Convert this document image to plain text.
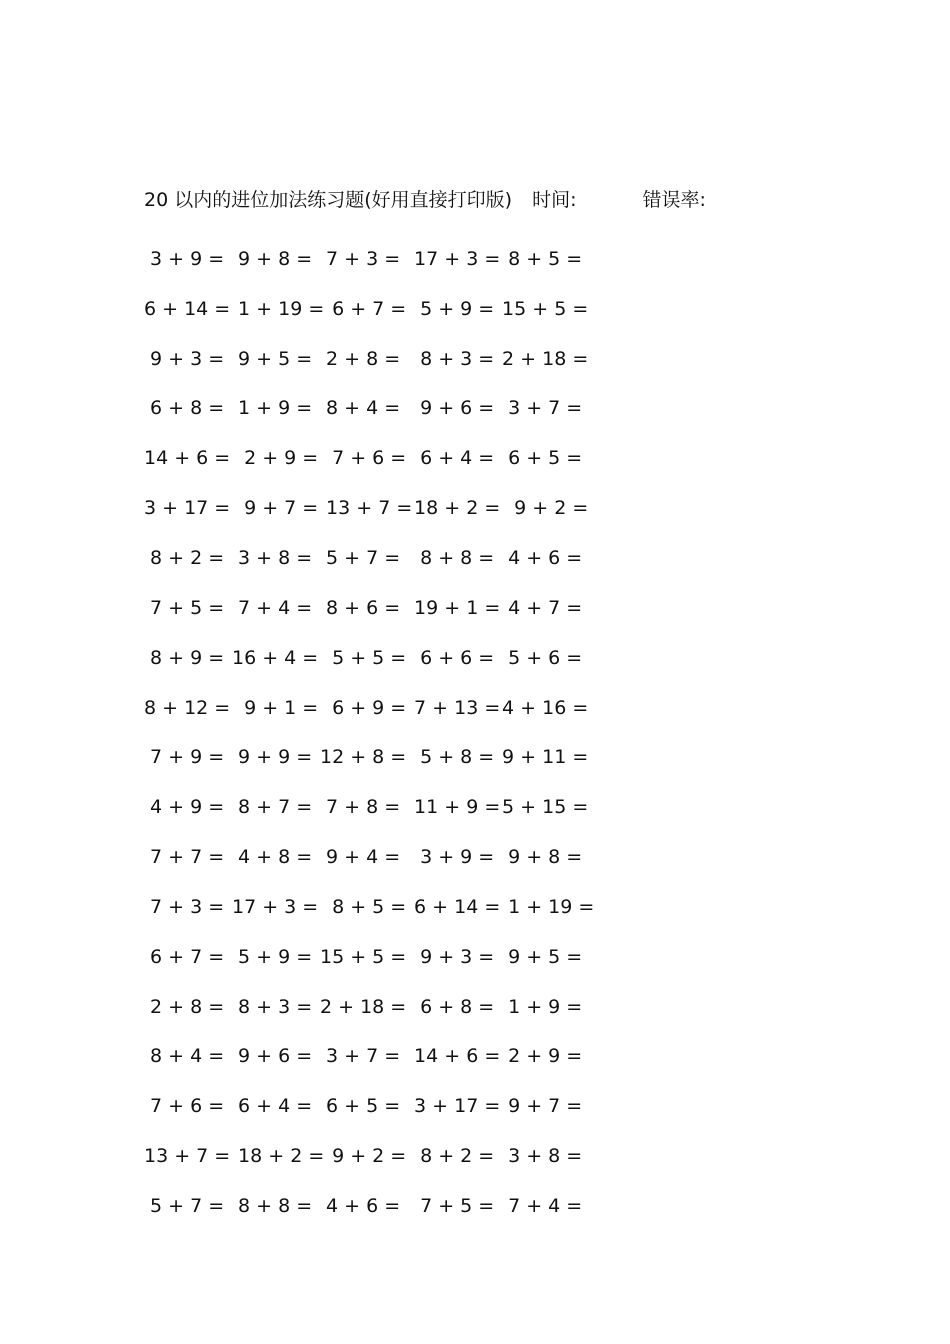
20 以内的进位加法练习题(好用直接打印版) 时间:	错误率:
3 + 9 = 9 + 8 = 7 + 3 = 17 + 3 =
8 + 5 =
6 + 14 = 1 + 19 =
6 + 7 = 5 + 9 = 15 + 5 =
9 + 3 = 9 + 5 = 2 + 8 = 8 + 3 = 2 + 18 =
6 + 8 = 1 + 9 = 8 + 4 = 9 + 6 = 3 + 7 =
14 + 6 = 2 + 9 = 7 + 6 = 6 + 4 = 6 + 5 =
3 + 17 = 9 + 7 = 13 + 7 =
18 + 2 =
9 + 2 =
8 + 2 = 3 + 8 = 5 + 7 = 8 + 8 = 4 + 6 =
7 + 5 = 7 + 4 = 8 + 6 = 19 + 1 =
4 + 7 =
8 + 9 = 16 + 4 = 5 + 5 = 6 + 6 = 5 + 6 =
8 + 12 = 9 + 1 = 6 + 9 = 7 + 13 =
4 + 16 =
7 + 9 = 9 + 9 = 12 + 8 = 5 + 8 = 9 + 11 =
4 + 9 = 8 + 7 = 7 + 8 = 11 + 9 =
5 + 15 =
7 + 7 = 4 + 8 = 9 + 4 = 3 + 9 = 9 + 8 =
7 + 3 = 17 + 3 = 8 + 5 = 6 + 14 =
1 + 19 =
6 + 7 = 5 + 9 = 15 + 5 = 9 + 3 = 9 + 5 =
2 + 8 = 8 + 3 = 2 + 18 = 6 + 8 = 1 + 9 =
8 + 4 = 9 + 6 = 3 + 7 = 14 + 6 =
2 + 9 =
7 + 6 = 6 + 4 = 6 + 5 = 3 + 17 =
9 + 7 =
13 + 7 = 18 + 2 =
9 + 2 = 8 + 2 = 3 + 8 =
5 + 7 = 8 + 8 = 4 + 6 = 7 + 5 = 7 + 4 =
